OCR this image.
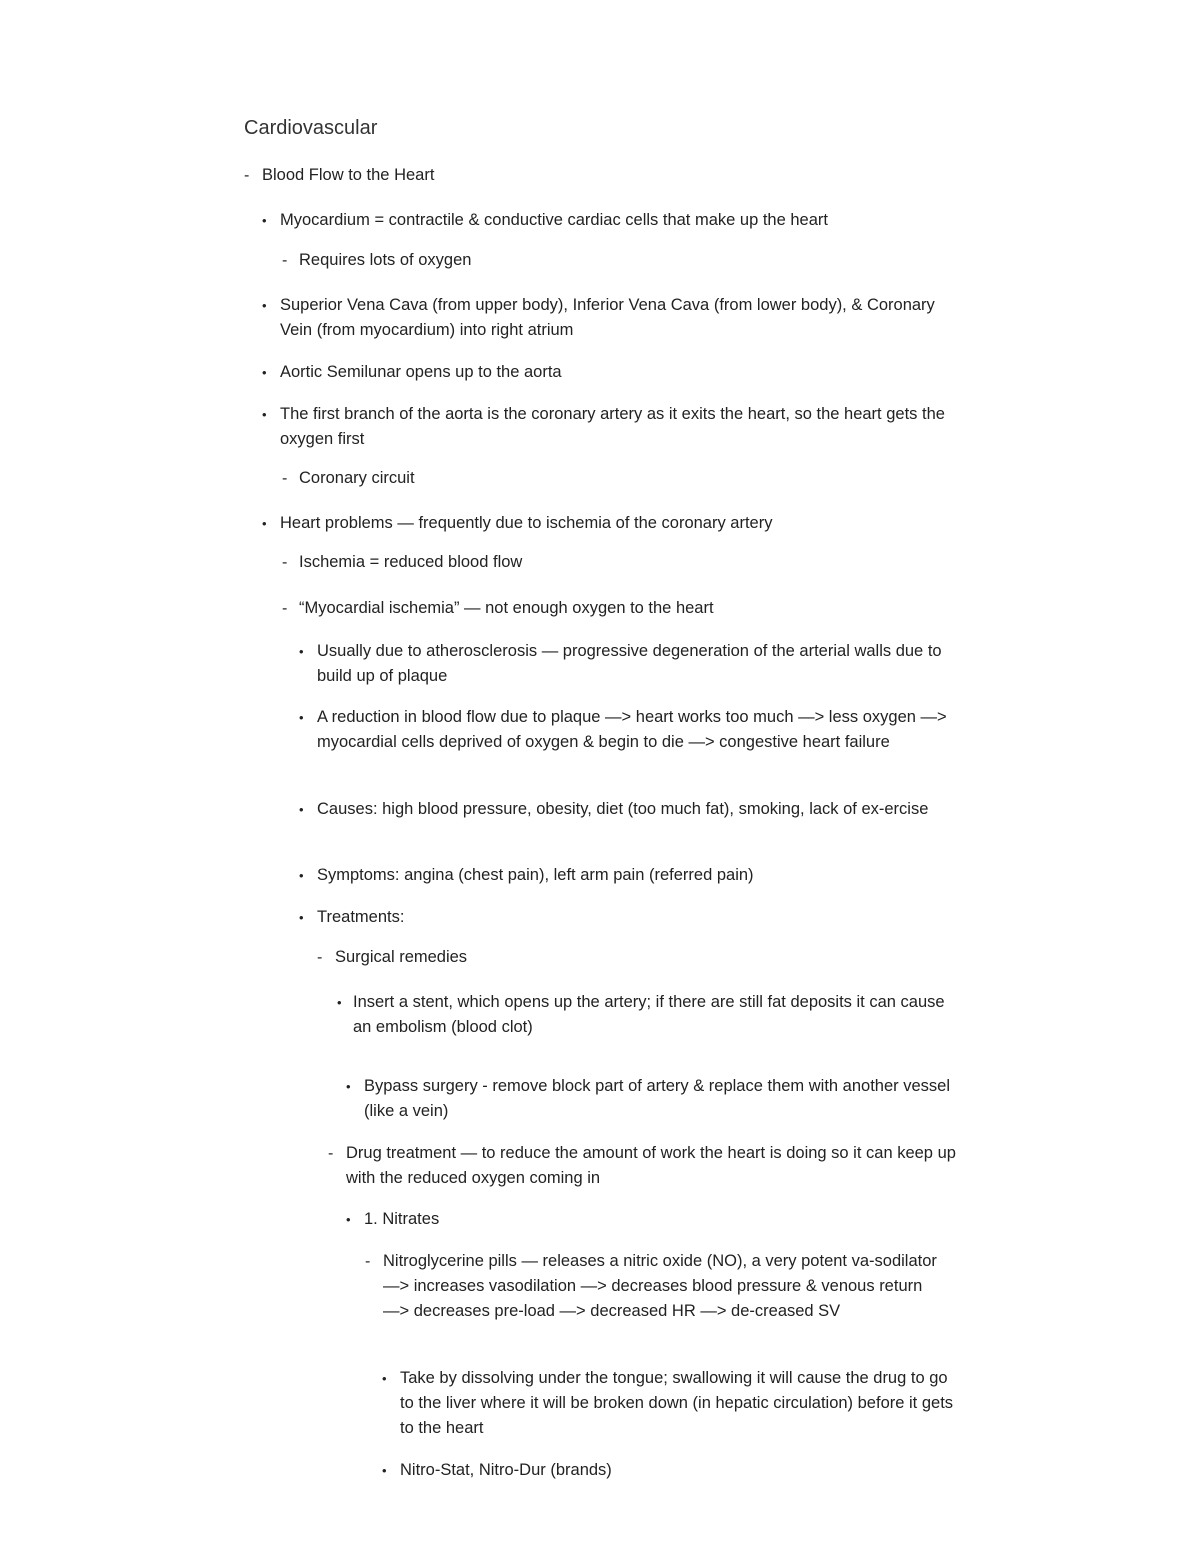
Cardiovascular
- Blood Flow to the Heart
• Myocardium = contractile & conductive cardiac cells that make up the heart
- Requires lots of oxygen
• Superior Vena Cava (from upper body), Inferior Vena Cava (from lower body), & Coronary Vein (from myocardium) into right atrium
• Aortic Semilunar opens up to the aorta
• The first branch of the aorta is the coronary artery as it exits the heart, so the heart gets the oxygen first
- Coronary circuit
• Heart problems — frequently due to ischemia of the coronary artery
- Ischemia = reduced blood flow
- “Myocardial ischemia” — not enough oxygen to the heart
• Usually due to atherosclerosis — progressive degeneration of the arterial walls due to build up of plaque
• A reduction in blood flow due to plaque —> heart works too much —> less oxygen —> myocardial cells deprived of oxygen & begin to die —> congestive heart failure
• Causes: high blood pressure, obesity, diet (too much fat), smoking, lack of ex-ercise
• Symptoms: angina (chest pain), left arm pain (referred pain)
• Treatments:
- Surgical remedies
• Insert a stent, which opens up the artery; if there are still fat deposits it can cause an embolism (blood clot)
• Bypass surgery - remove block part of artery & replace them with another vessel (like a vein)
- Drug treatment — to reduce the amount of work the heart is doing so it can keep up with the reduced oxygen coming in
• 1. Nitrates
- Nitroglycerine pills — releases a nitric oxide (NO), a very potent va-sodilator —> increases vasodilation —> decreases blood pressure & venous return —> decreases pre-load —> decreased HR —> de-creased SV
• Take by dissolving under the tongue; swallowing it will cause the drug to go to the liver where it will be broken down (in hepatic circulation) before it gets to the heart
• Nitro-Stat, Nitro-Dur (brands)
